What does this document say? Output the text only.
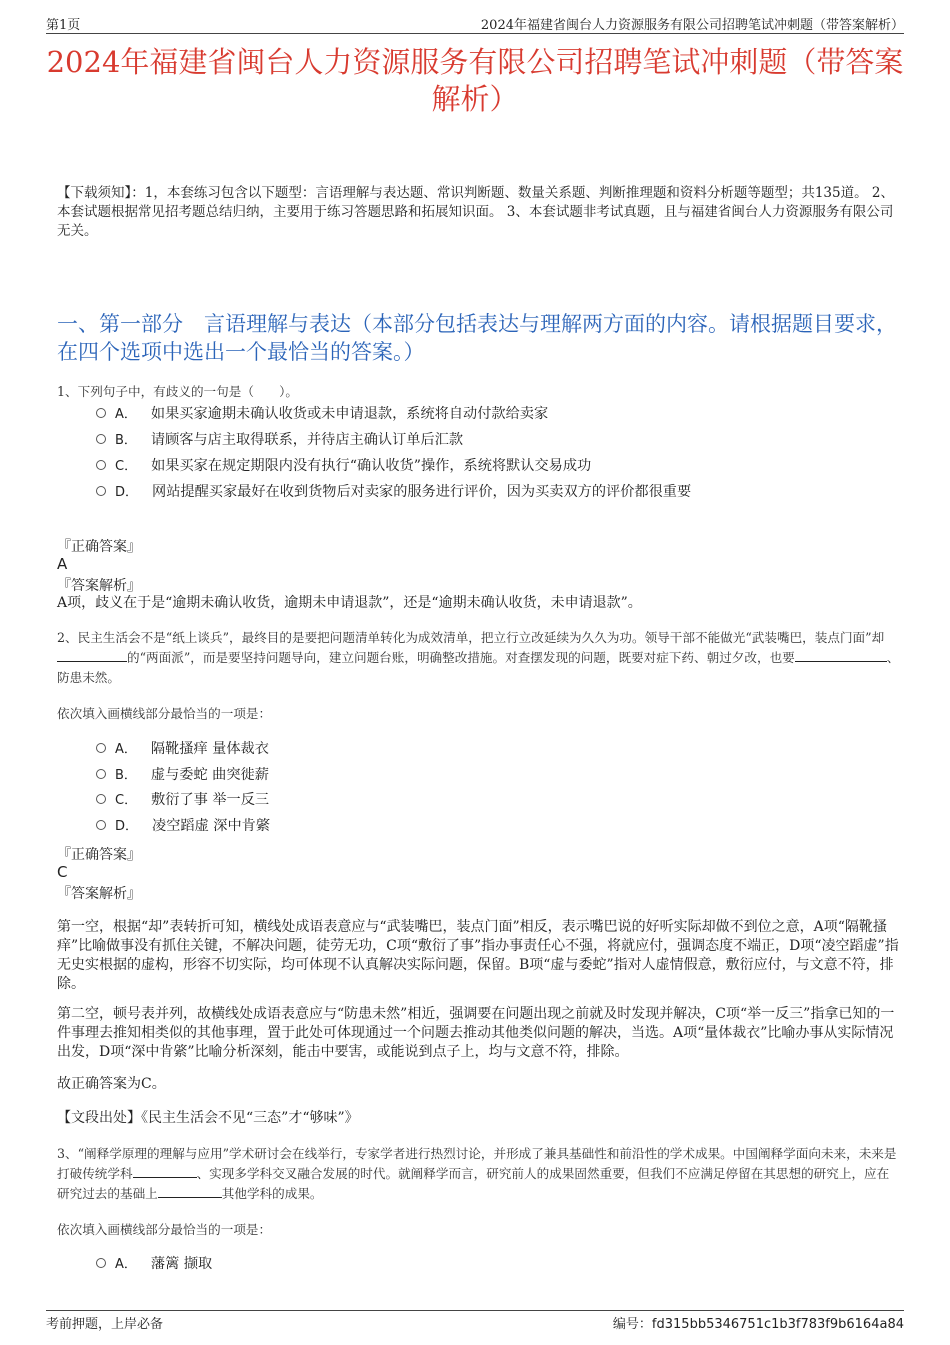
第1页	2024年福建省闽台人力资源服务有限公司招聘笔试冲刺题（带答案解析）
2024年福建省闽台人力资源服务有限公司招聘笔试冲刺题（带答案解析）
【下载须知】：1，本套练习包含以下题型：言语理解与表达题、常识判断题、数量关系题、判断推理题和资料分析题等题型；共135道。 2、本套试题根据常见招考题总结归纳，主要用于练习答题思路和拓展知识面。 3、本套试题非考试真题，且与福建省闽台人力资源服务有限公司无关。
一、第一部分　言语理解与表达（本部分包括表达与理解两方面的内容。请根据题目要求，在四个选项中选出一个最恰当的答案。）
1、下列句子中，有歧义的一句是（　　）。
A． 如果买家逾期未确认收货或未申请退款，系统将自动付款给卖家
B． 请顾客与店主取得联系，并待店主确认订单后汇款
C． 如果买家在规定期限内没有执行“确认收货”操作，系统将默认交易成功
D． 网站提醒买家最好在收到货物后对卖家的服务进行评价，因为买卖双方的评价都很重要
『正确答案』
A
『答案解析』
A项，歧义在于是“逾期未确认收货，逾期未申请退款”，还是“逾期未确认收货，未申请退款”。
2、民主生活会不是“纸上谈兵”，最终目的是要把问题清单转化为成效清单，把立行立改延续为久久为功。领导干部不能做光“武装嘴巴，装点门面”却的“两面派”，而是要坚持问题导向，建立问题台账，明确整改措施。对查摆发现的问题，既要对症下药、朝过夕改，也要	、防患未然。
依次填入画横线部分最恰当的一项是：
A． 隔靴搔痒 量体裁衣
B． 虚与委蛇 曲突徙薪
C． 敷衍了事 举一反三
D． 凌空蹈虚 深中肯綮
『正确答案』
C
『答案解析』
第一空，根据“却”表转折可知，横线处成语表意应与“武装嘴巴，装点门面”相反，表示嘴巴说的好听实际却做不到位之意，A项“隔靴搔痒”比喻做事没有抓住关键，不解决问题，徒劳无功，C项“敷衍了事”指办事责任心不强，将就应付，强调态度不端正，D项“凌空蹈虚”指无史实根据的虚构，形容不切实际，均可体现不认真解决实际问题，保留。B项“虚与委蛇”指对人虚情假意，敷衍应付，与文意不符，排除。
第二空，顿号表并列，故横线处成语表意应与“防患未然”相近，强调要在问题出现之前就及时发现并解决，C项“举一反三”指拿已知的一件事理去推知相类似的其他事理，置于此处可体现通过一个问题去推动其他类似问题的解决，当选。A项“量体裁衣”比喻办事从实际情况出发，D项“深中肯綮”比喻分析深刻，能击中要害，或能说到点子上，均与文意不符，排除。
故正确答案为C。
【文段出处】《民主生活会不见“三态”才“够味”》
3、“阐释学原理的理解与应用”学术研讨会在线举行，专家学者进行热烈讨论，并形成了兼具基础性和前沿性的学术成果。中国阐释学面向未来，未来是打破传统学科	、实现多学科交叉融合发展的时代。就阐释学而言，研究前人的成果固然重要，但我们不应满足停留在其思想的研究上，应在研究过去的基础上	其他学科的成果。
依次填入画横线部分最恰当的一项是：
A． 藩篱 撷取
考前押题，上岸必备	编号：fd315bb5346751c1b3f783f9b6164a84
